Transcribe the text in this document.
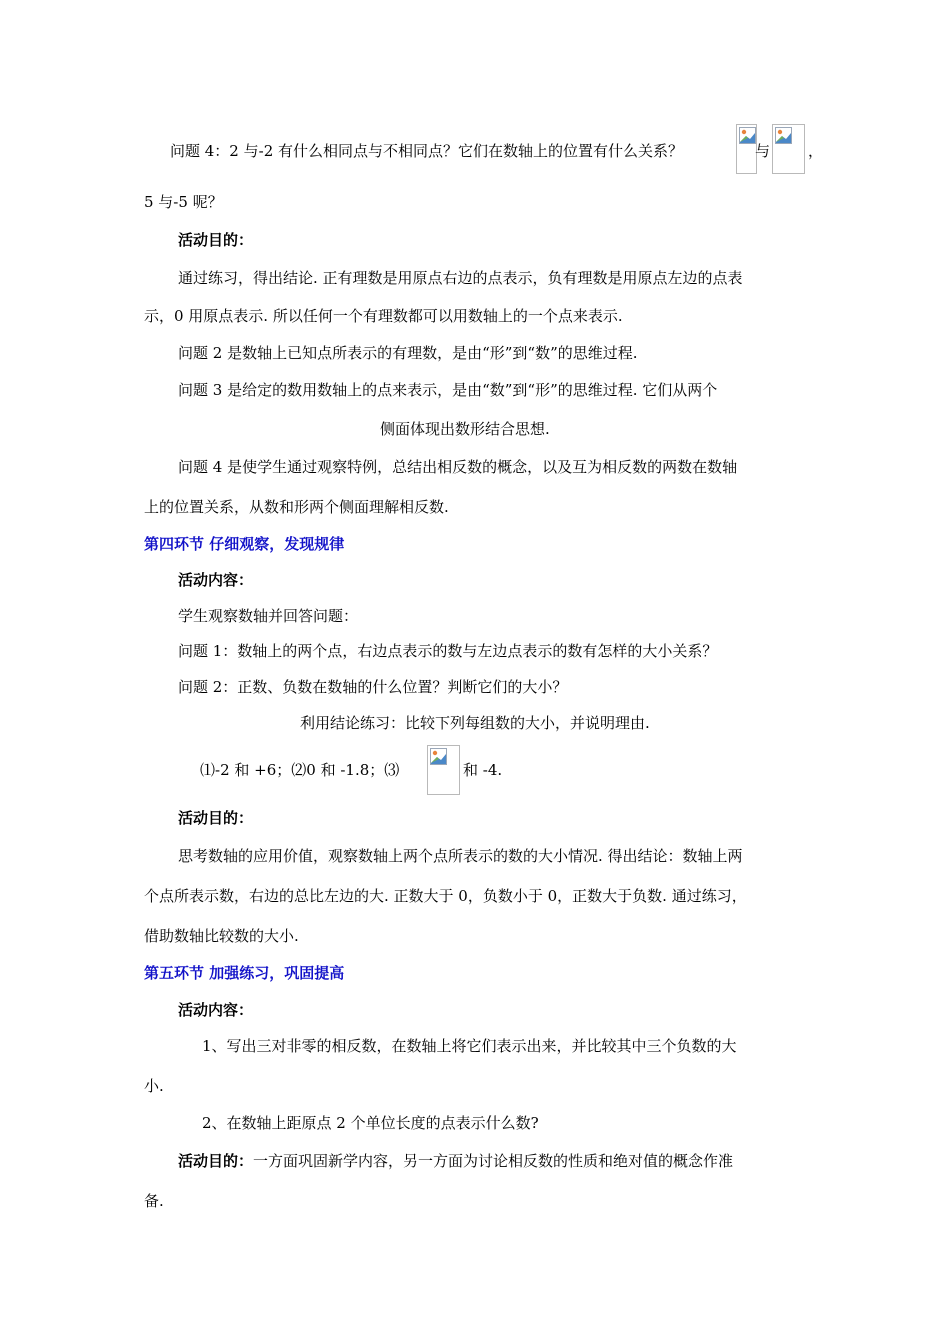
问题 4：2 与-2 有什么相同点与不相同点？它们在数轴上的位置有什么关系？	与	，
5 与-5 呢？
活动目的：
通过练习，得出结论. 正有理数是用原点右边的点表示，负有理数是用原点左边的点表
示，0 用原点表示. 所以任何一个有理数都可以用数轴上的一个点来表示.
问题 2 是数轴上已知点所表示的有理数，是由“形”到“数”的思维过程.
问题 3 是给定的数用数轴上的点来表示，是由“数”到“形”的思维过程. 它们从两个
侧面体现出数形结合思想.
问题 4 是使学生通过观察特例，总结出相反数的概念，以及互为相反数的两数在数轴
上的位置关系，从数和形两个侧面理解相反数.
第四环节 仔细观察，发现规律
活动内容：
学生观察数轴并回答问题：
问题 1：数轴上的两个点，右边点表示的数与左边点表示的数有怎样的大小关系？
问题 2：正数、负数在数轴的什么位置？判断它们的大小？
利用结论练习：比较下列每组数的大小，并说明理由.
⑴-2 和 +6；⑵0 和 -1.8；⑶	和 -4.
活动目的：
思考数轴的应用价值，观察数轴上两个点所表示的数的大小情况. 得出结论：数轴上两
个点所表示数，右边的总比左边的大. 正数大于 0，负数小于 0，正数大于负数. 通过练习，
借助数轴比较数的大小.
第五环节 加强练习，巩固提高
活动内容：
1、写出三对非零的相反数，在数轴上将它们表示出来，并比较其中三个负数的大
小.
2、在数轴上距原点 2 个单位长度的点表示什么数?
活动目的：一方面巩固新学内容，另一方面为讨论相反数的性质和绝对值的概念作准
备.
